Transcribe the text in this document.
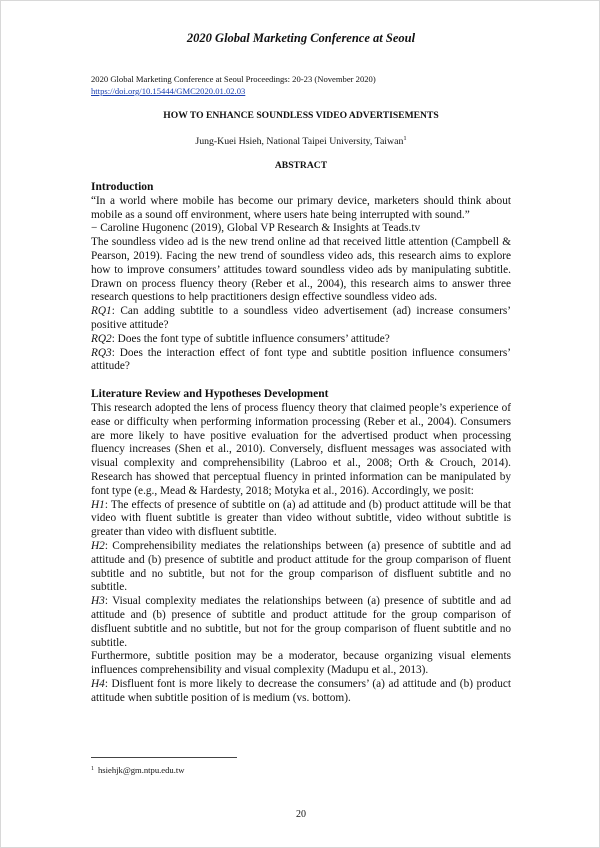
2020 Global Marketing Conference at Seoul
2020 Global Marketing Conference at Seoul Proceedings: 20-23 (November 2020)
https://doi.org/10.15444/GMC2020.01.02.03
HOW TO ENHANCE SOUNDLESS VIDEO ADVERTISEMENTS
Jung-Kuei Hsieh, National Taipei University, Taiwan$^1$
ABSTRACT

Introduction

“In a world where mobile has become our primary device, marketers should think about mobile as a sound off environment, where users hate being interrupted with sound.”

− Caroline Hugonenc (2019), Global VP Research & Insights at Teads.tv

The soundless video ad is the new trend online ad that received little attention (Campbell & Pearson, 2019). Facing the new trend of soundless video ads, this research aims to explore how to improve consumers’ attitudes toward soundless video ads by manipulating subtitle. Drawn on process fluency theory (Reber et al., 2004), this research aims to answer three research questions to help practitioners design effective soundless video ads.

RQ1: Can adding subtitle to a soundless video advertisement (ad) increase consumers’ positive attitude?

RQ2: Does the font type of subtitle influence consumers’ attitude?

RQ3: Does the interaction effect of font type and subtitle position influence consumers’ attitude?

Literature Review and Hypotheses Development

This research adopted the lens of process fluency theory that claimed people’s experience of ease or difficulty when performing information processing (Reber et al., 2004). Consumers are more likely to have positive evaluation for the advertised product when processing fluency increases (Shen et al., 2010). Conversely, disfluent messages was associated with visual complexity and comprehensibility (Labroo et al., 2008; Orth & Crouch, 2014). Research has showed that perceptual fluency in printed information can be manipulated by font type (e.g., Mead & Hardesty, 2018; Motyka et al., 2016). Accordingly, we posit:

H1: The effects of presence of subtitle on (a) ad attitude and (b) product attitude will be that video with fluent subtitle is greater than video without subtitle, video without subtitle is greater than video with disfluent subtitle.

H2: Comprehensibility mediates the relationships between (a) presence of subtitle and ad attitude and (b) presence of subtitle and product attitude for the group comparison of fluent subtitle and no subtitle, but not for the group comparison of disfluent subtitle and no subtitle.

H3: Visual complexity mediates the relationships between (a) presence of subtitle and ad attitude and (b) presence of subtitle and product attitude for the group comparison of disfluent subtitle and no subtitle, but not for the group comparison of fluent subtitle and no subtitle.

Furthermore, subtitle position may be a moderator, because organizing visual elements influences comprehensibility and visual complexity (Madupu et al., 2013).

H4: Disfluent font is more likely to decrease the consumers’ (a) ad attitude and (b) product attitude when subtitle position of is medium (vs. bottom).

$^1$ hsiehjk@gm.ntpu.edu.tw
20
